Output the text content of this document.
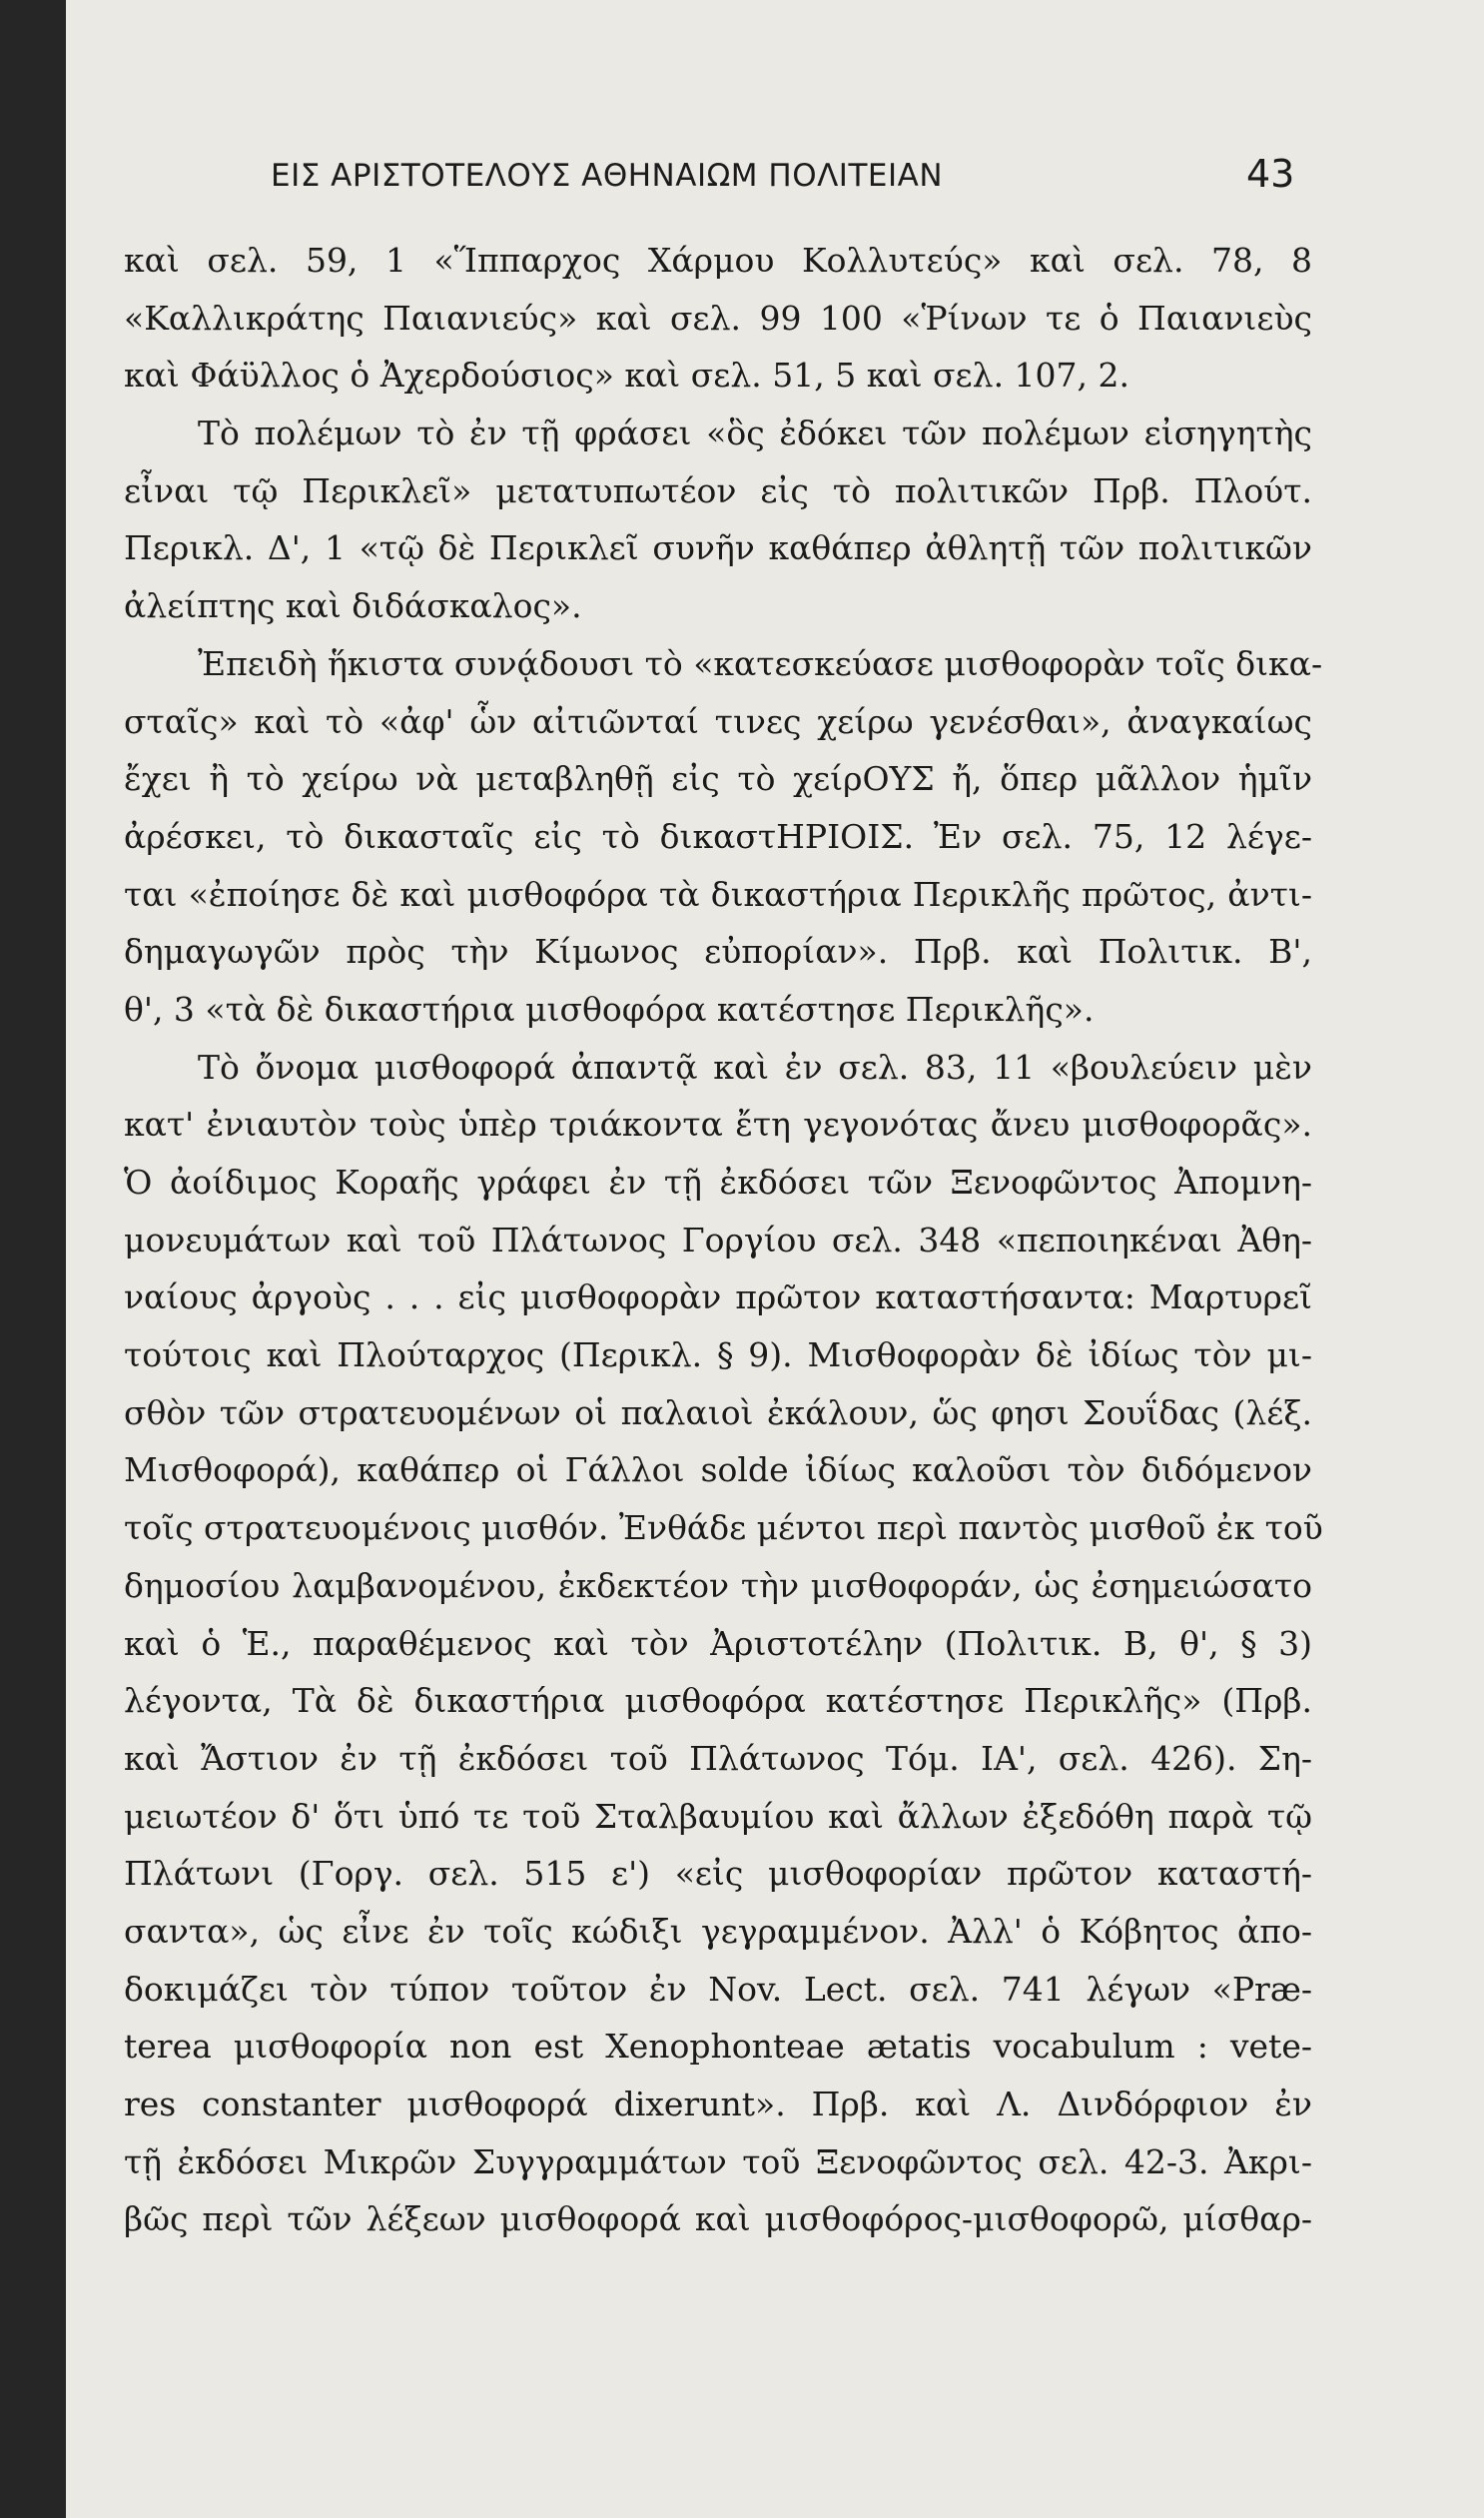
ΕΙΣ ΑΡΙΣΤΟΤΕΛΟΥΣ ΑΘΗΝΑΙΩΜ ΠΟΛΙΤΕΙΑΝ	43
καὶ σελ. 59, 1 «Ἵππαρχος Χάρμου Κολλυτεύς» καὶ σελ. 78, 8
«Καλλικράτης Παιανιεύς» καὶ σελ. 99 100 «Ῥίνων τε ὁ Παιανιεὺς
καὶ Φάϋλλος ὁ Ἀχερδούσιος» καὶ σελ. 51, 5 καὶ σελ. 107, 2.
Τὸ πολέμων τὸ ἐν τῇ φράσει «ὃς ἐδόκει τῶν πολέμων εἰσηγητὴς
εἶναι τῷ Περικλεῖ» μετατυπωτέον εἰς τὸ πολιτικῶν Πρβ. Πλούτ.
Περικλ. Δ', 1 «τῷ δὲ Περικλεῖ συνῆν καθάπερ ἀθλητῇ τῶν πολιτικῶν
ἀλείπτης καὶ διδάσκαλος».
Ἐπειδὴ ἥκιστα συνᾴδουσι τὸ «κατεσκεύασε μισθοφορὰν τοῖς δικα-
σταῖς» καὶ τὸ «ἀφ' ὧν αἰτιῶνταί τινες χείρω γενέσθαι», ἀναγκαίως
ἔχει ἢ τὸ χείρω νὰ μεταβληθῇ εἰς τὸ χείρΟΥΣ ἤ, ὅπερ μᾶλλον ἡμῖν
ἀρέσκει, τὸ δικασταῖς εἰς τὸ δικαστΗΡΙΟΙΣ. Ἐν σελ. 75, 12 λέγε-
ται «ἐποίησε δὲ καὶ μισθοφόρα τὰ δικαστήρια Περικλῆς πρῶτος, ἀντι-
δημαγωγῶν πρὸς τὴν Κίμωνος εὐπορίαν». Πρβ. καὶ Πολιτικ. Β',
θ', 3 «τὰ δὲ δικαστήρια μισθοφόρα κατέστησε Περικλῆς».
Τὸ ὄνομα μισθοφορά ἀπαντᾷ καὶ ἐν σελ. 83, 11 «βουλεύειν μὲν
κατ' ἐνιαυτὸν τοὺς ὑπὲρ τριάκοντα ἔτη γεγονότας ἄνευ μισθοφορᾶς».
Ὁ ἀοίδιμος Κοραῆς γράφει ἐν τῇ ἐκδόσει τῶν Ξενοφῶντος Ἀπομνη-
μονευμάτων καὶ τοῦ Πλάτωνος Γοργίου σελ. 348 «πεποιηκέναι Ἀθη-
ναίους ἀργοὺς . . . εἰς μισθοφορὰν πρῶτον καταστήσαντα: Μαρτυρεῖ
τούτοις καὶ Πλούταρχος (Περικλ. § 9). Μισθοφορὰν δὲ ἰδίως τὸν μι-
σθὸν τῶν στρατευομένων οἱ παλαιοὶ ἐκάλουν, ὥς φησι Σουΐδας (λέξ.
Μισθοφορά), καθάπερ οἱ Γάλλοι solde ἰδίως καλοῦσι τὸν διδόμενον
τοῖς στρατευομένοις μισθόν. Ἐνθάδε μέντοι περὶ παντὸς μισθοῦ ἐκ τοῦ
δημοσίου λαμβανομένου, ἐκδεκτέον τὴν μισθοφοράν, ὡς ἐσημειώσατο
καὶ ὁ Ἑ., παραθέμενος καὶ τὸν Ἀριστοτέλην (Πολιτικ. Β, θ', § 3)
λέγοντα, Τὰ δὲ δικαστήρια μισθοφόρα κατέστησε Περικλῆς» (Πρβ.
καὶ Ἄστιον ἐν τῇ ἐκδόσει τοῦ Πλάτωνος Τόμ. ΙΑ', σελ. 426). Ση-
μειωτέον δ' ὅτι ὑπό τε τοῦ Σταλβαυμίου καὶ ἄλλων ἐξεδόθη παρὰ τῷ
Πλάτωνι (Γοργ. σελ. 515 ε') «εἰς μισθοφορίαν πρῶτον καταστή-
σαντα», ὡς εἶνε ἐν τοῖς κώδιξι γεγραμμένον. Ἀλλ' ὁ Κόβητος ἀπο-
δοκιμάζει τὸν τύπον τοῦτον ἐν Nov. Lect. σελ. 741 λέγων «Præ-
terea μισθοφορία non est Xenophonteae ætatis vocabulum : vete-
res constanter μισθοφορά dixerunt». Πρβ. καὶ Λ. Δινδόρφιον ἐν
τῇ ἐκδόσει Μικρῶν Συγγραμμάτων τοῦ Ξενοφῶντος σελ. 42-3. Ἀκρι-
βῶς περὶ τῶν λέξεων μισθοφορά καὶ μισθοφόρος-μισθοφορῶ, μίσθαρ-
